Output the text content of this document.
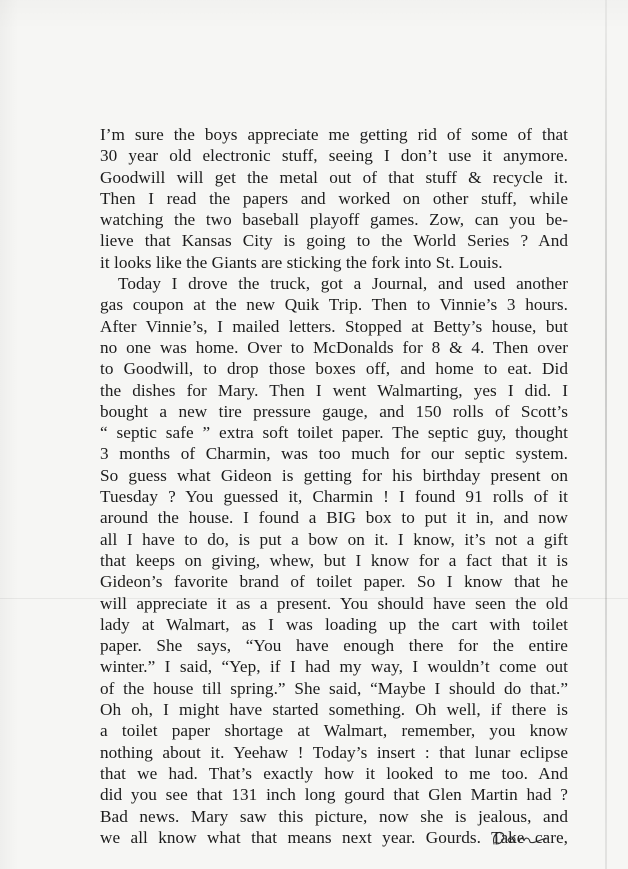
I’m sure the boys appreciate me getting rid of some of that
30 year old electronic stuff, seeing I don’t use it anymore.
Goodwill will get the metal out of that stuff & recycle it.
Then I read the papers and worked on other stuff, while
watching the two baseball playoff games. Zow, can you be-
lieve that Kansas City is going to the World Series ? And
it looks like the Giants are sticking the fork into St. Louis.
Today I drove the truck, got a Journal, and used another
gas coupon at the new Quik Trip. Then to Vinnie’s 3 hours.
After Vinnie’s, I mailed letters. Stopped at Betty’s house, but
no one was home. Over to McDonalds for 8 & 4. Then over
to Goodwill, to drop those boxes off, and home to eat. Did
the dishes for Mary. Then I went Walmarting, yes I did. I
bought a new tire pressure gauge, and 150 rolls of Scott’s
“ septic safe ” extra soft toilet paper. The septic guy, thought
3 months of Charmin, was too much for our septic system.
So guess what Gideon is getting for his birthday present on
Tuesday ? You guessed it, Charmin ! I found 91 rolls of it
around the house. I found a BIG box to put it in, and now
all I have to do, is put a bow on it. I know, it’s not a gift
that keeps on giving, whew, but I know for a fact that it is
Gideon’s favorite brand of toilet paper. So I know that he
will appreciate it as a present. You should have seen the old
lady at Walmart, as I was loading up the cart with toilet
paper. She says, “You have enough there for the entire
winter.” I said, “Yep, if I had my way, I wouldn’t come out
of the house till spring.” She said, “Maybe I should do that.”
Oh oh, I might have started something. Oh well, if there is
a toilet paper shortage at Walmart, remember, you know
nothing about it. Yeehaw ! Today’s insert : that lunar eclipse
that we had. That’s exactly how it looked to me too. And
did you see that 131 inch long gourd that Glen Martin had ?
Bad news. Mary saw this picture, now she is jealous, and
we all know what that means next year. Gourds. Take care,
